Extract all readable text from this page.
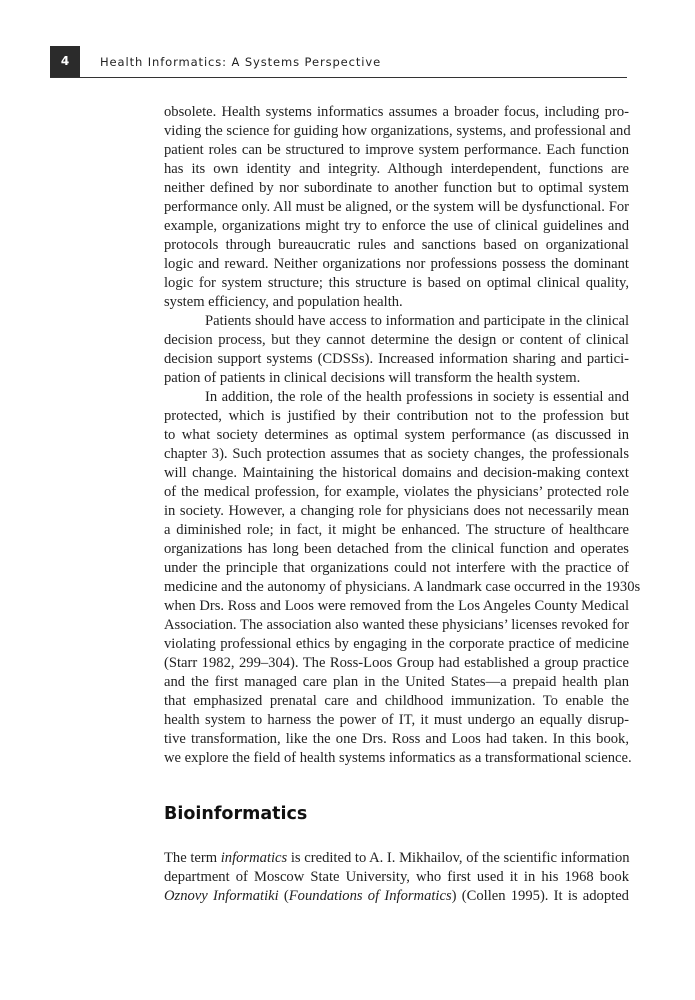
4	Health Informatics: A Systems Perspective
obsolete. Health systems informatics assumes a broader focus, including pro-
viding the science for guiding how organizations, systems, and professional and
patient roles can be structured to improve system performance. Each function
has its own identity and integrity. Although interdependent, functions are
neither defined by nor subordinate to another function but to optimal system
performance only. All must be aligned, or the system will be dysfunctional. For
example, organizations might try to enforce the use of clinical guidelines and
protocols through bureaucratic rules and sanctions based on organizational
logic and reward. Neither organizations nor professions possess the dominant
logic for system structure; this structure is based on optimal clinical quality,
system efficiency, and population health.
Patients should have access to information and participate in the clinical
decision process, but they cannot determine the design or content of clinical
decision support systems (CDSSs). Increased information sharing and partici-
pation of patients in clinical decisions will transform the health system.
In addition, the role of the health professions in society is essential and
protected, which is justified by their contribution not to the profession but
to what society determines as optimal system performance (as discussed in
chapter 3). Such protection assumes that as society changes, the professionals
will change. Maintaining the historical domains and decision-making context
of the medical profession, for example, violates the physicians’ protected role
in society. However, a changing role for physicians does not necessarily mean
a diminished role; in fact, it might be enhanced. The structure of healthcare
organizations has long been detached from the clinical function and operates
under the principle that organizations could not interfere with the practice of
medicine and the autonomy of physicians. A landmark case occurred in the 1930s
when Drs. Ross and Loos were removed from the Los Angeles County Medical
Association. The association also wanted these physicians’ licenses revoked for
violating professional ethics by engaging in the corporate practice of medicine
(Starr 1982, 299–304). The Ross-Loos Group had established a group practice
and the first managed care plan in the United States—a prepaid health plan
that emphasized prenatal care and childhood immunization. To enable the
health system to harness the power of IT, it must undergo an equally disrup-
tive transformation, like the one Drs. Ross and Loos had taken. In this book,
we explore the field of health systems informatics as a transformational science.
Bioinformatics
The term informatics is credited to A. I. Mikhailov, of the scientific information
department of Moscow State University, who first used it in his 1968 book
Oznovy Informatiki (Foundations of Informatics) (Collen 1995). It is adopted
